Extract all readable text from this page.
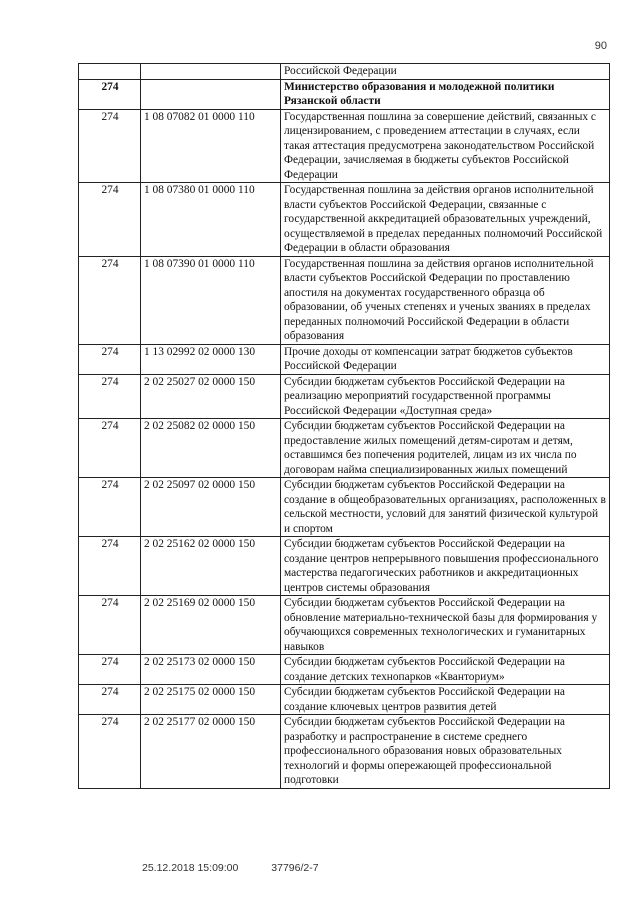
90
		Российской Федерации
274		Министерство образования и молодежной политики Рязанской области
274	1 08 07082 01 0000 110	Государственная пошлина за совершение действий, связанных с лицензированием, с проведением аттестации в случаях, если такая аттестация предусмотрена законодательством Российской Федерации, зачисляемая в бюджеты субъектов Российской Федерации
274	1 08 07380 01 0000 110	Государственная пошлина за действия органов исполнительной власти субъектов Российской Федерации, связанные с государственной аккредитацией образовательных учреждений, осуществляемой в пределах переданных полномочий Российской Федерации в области образования
274	1 08 07390 01 0000 110	Государственная пошлина за действия органов исполнительной власти субъектов Российской Федерации по проставлению апостиля на документах государственного образца об образовании, об ученых степенях и ученых званиях в пределах переданных полномочий Российской Федерации в области образования
274	1 13 02992 02 0000 130	Прочие доходы от компенсации затрат бюджетов субъектов Российской Федерации
274	2 02 25027 02 0000 150	Субсидии бюджетам субъектов Российской Федерации на реализацию мероприятий государственной программы Российской Федерации «Доступная среда»
274	2 02 25082 02 0000 150	Субсидии бюджетам субъектов Российской Федерации на предоставление жилых помещений детям-сиротам и детям, оставшимся без попечения родителей, лицам из их числа по договорам найма специализированных жилых помещений
274	2 02 25097 02 0000 150	Субсидии бюджетам субъектов Российской Федерации на создание в общеобразовательных организациях, расположенных в сельской местности, условий для занятий физической культурой и спортом
274	2 02 25162 02 0000 150	Субсидии бюджетам субъектов Российской Федерации на создание центров непрерывного повышения профессионального мастерства педагогических работников и аккредитационных центров системы образования
274	2 02 25169 02 0000 150	Субсидии бюджетам субъектов Российской Федерации на обновление материально-технической базы для формирования у обучающихся современных технологических и гуманитарных навыков
274	2 02 25173 02 0000 150	Субсидии бюджетам субъектов Российской Федерации на создание детских технопарков «Кванториум»
274	2 02 25175 02 0000 150	Субсидии бюджетам субъектов Российской Федерации на создание ключевых центров развития детей
274	2 02 25177 02 0000 150	Субсидии бюджетам субъектов Российской Федерации на разработку и распространение в системе среднего профессионального образования новых образовательных технологий и формы опережающей профессиональной подготовки
25.12.2018 15:09:00	37796/2-7
